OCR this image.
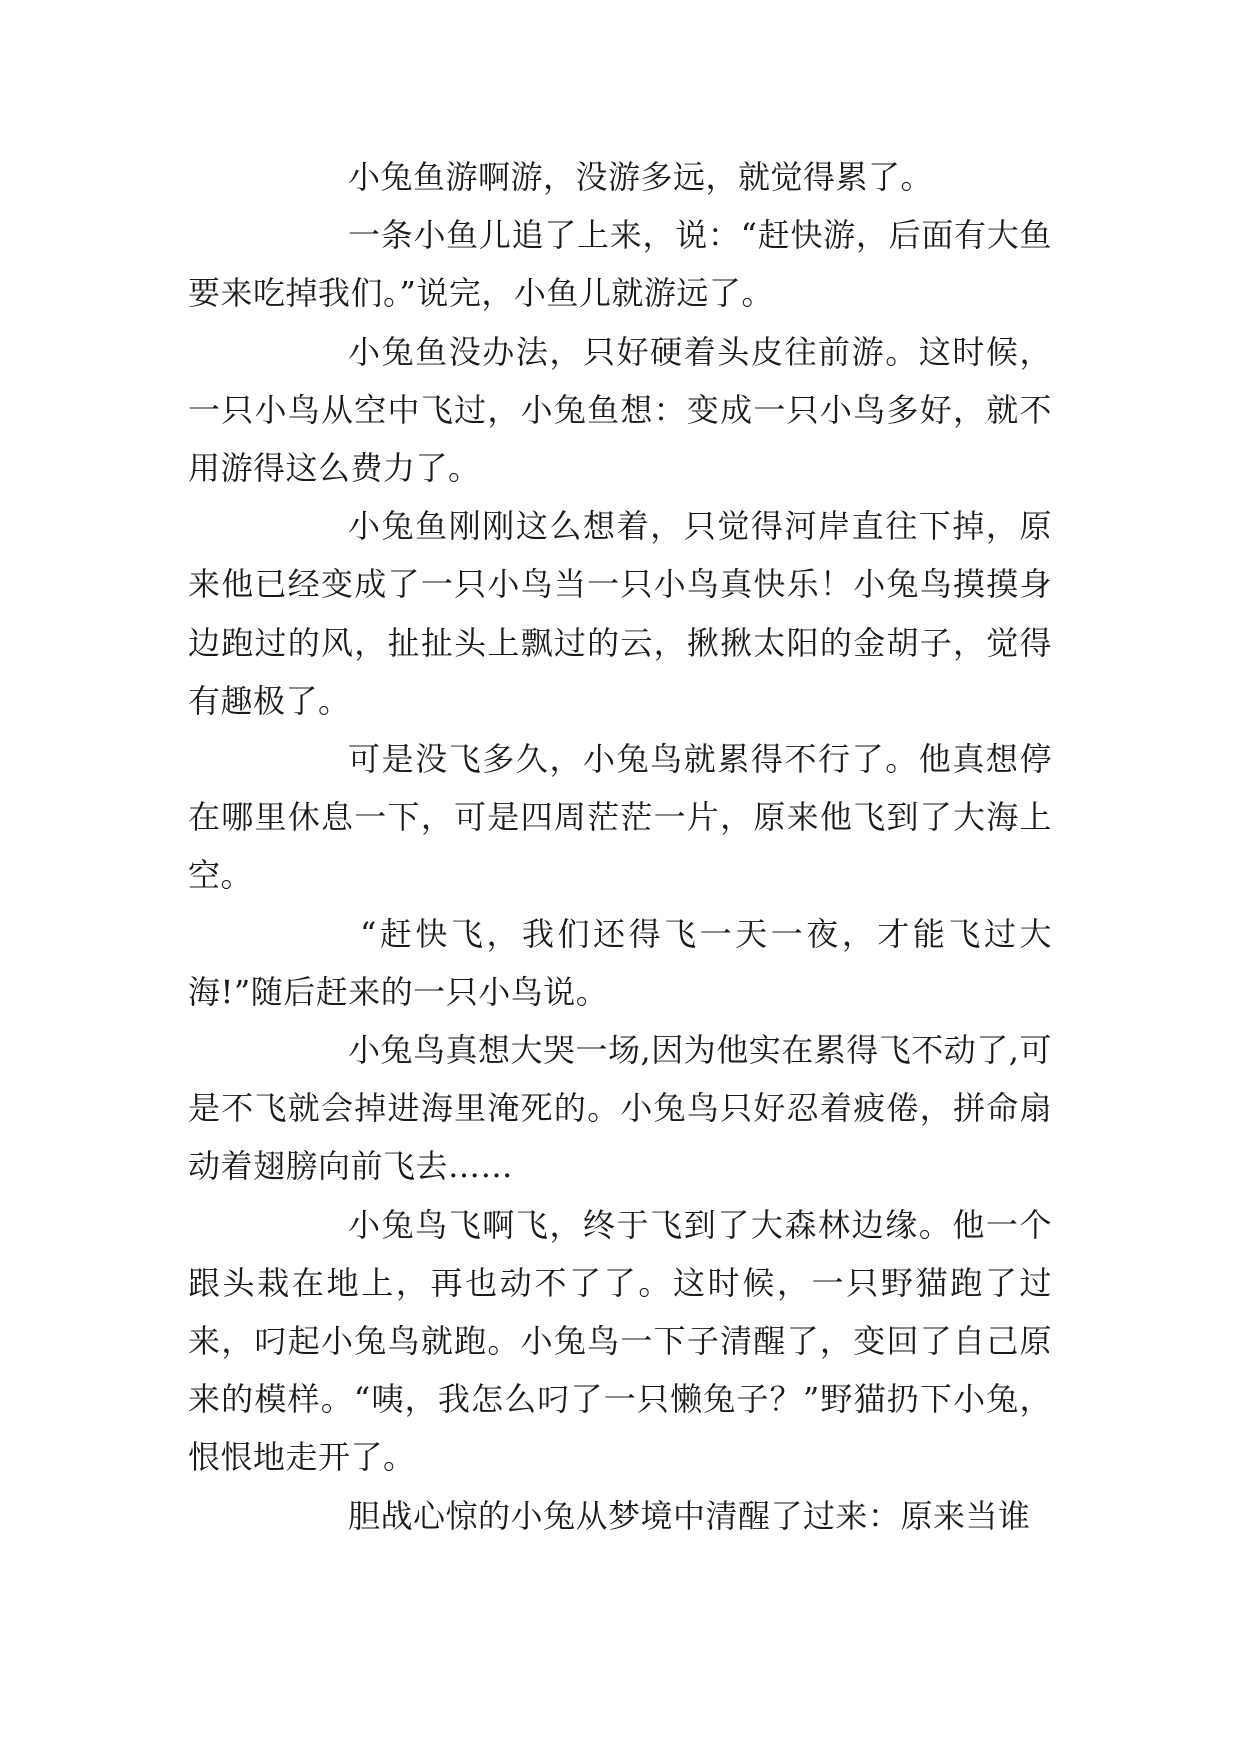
小兔鱼游啊游，没游多远，就觉得累了。

一条小鱼儿追了上来，说：“赶快游，后面有大鱼要来吃掉我们。”说完，小鱼儿就游远了。

小兔鱼没办法，只好硬着头皮往前游。这时候，一只小鸟从空中飞过，小兔鱼想：变成一只小鸟多好，就不用游得这么费力了。

小兔鱼刚刚这么想着，只觉得河岸直往下掉，原来他已经变成了一只小鸟当一只小鸟真快乐！小兔鸟摸摸身边跑过的风，扯扯头上飘过的云，揪揪太阳的金胡子，觉得有趣极了。

可是没飞多久，小兔鸟就累得不行了。他真想停在哪里休息一下，可是四周茫茫一片，原来他飞到了大海上空。

“赶快飞，我们还得飞一天一夜，才能飞过大海!”随后赶来的一只小鸟说。

小兔鸟真想大哭一场,因为他实在累得飞不动了,可是不飞就会掉进海里淹死的。小兔鸟只好忍着疲倦，拼命扇动着翅膀向前飞去……

小兔鸟飞啊飞，终于飞到了大森林边缘。他一个跟头栽在地上，再也动不了了。这时候，一只野猫跑了过来，叼起小兔鸟就跑。小兔鸟一下子清醒了，变回了自己原来的模样。“咦，我怎么叼了一只懒兔子？”野猫扔下小兔，恨恨地走开了。

胆战心惊的小兔从梦境中清醒了过来：原来当谁
